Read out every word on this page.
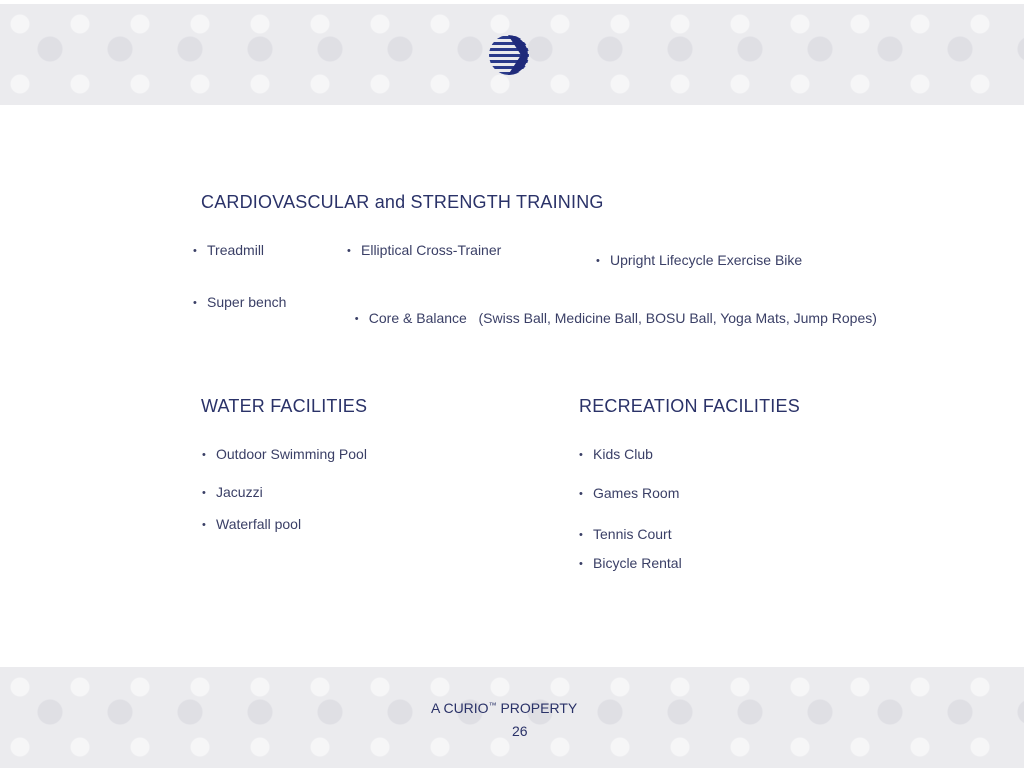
CARDIOVASCULAR and STRENGTH TRAINING
• Treadmill	• Elliptical Cross-Trainer
• Upright Lifecycle Exercise Bike
• Super bench

• Core & Balance   (Swiss Ball, Medicine Ball, BOSU Ball, Yoga Mats, Jump Ropes)

WATER FACILITIES
• Outdoor Swimming Pool
• Jacuzzi
• Waterfall pool
RECREATION FACILITIES
• Kids Club
• Games Room
• Tennis Court
• Bicycle Rental
A CURIO™ PROPERTY
26
